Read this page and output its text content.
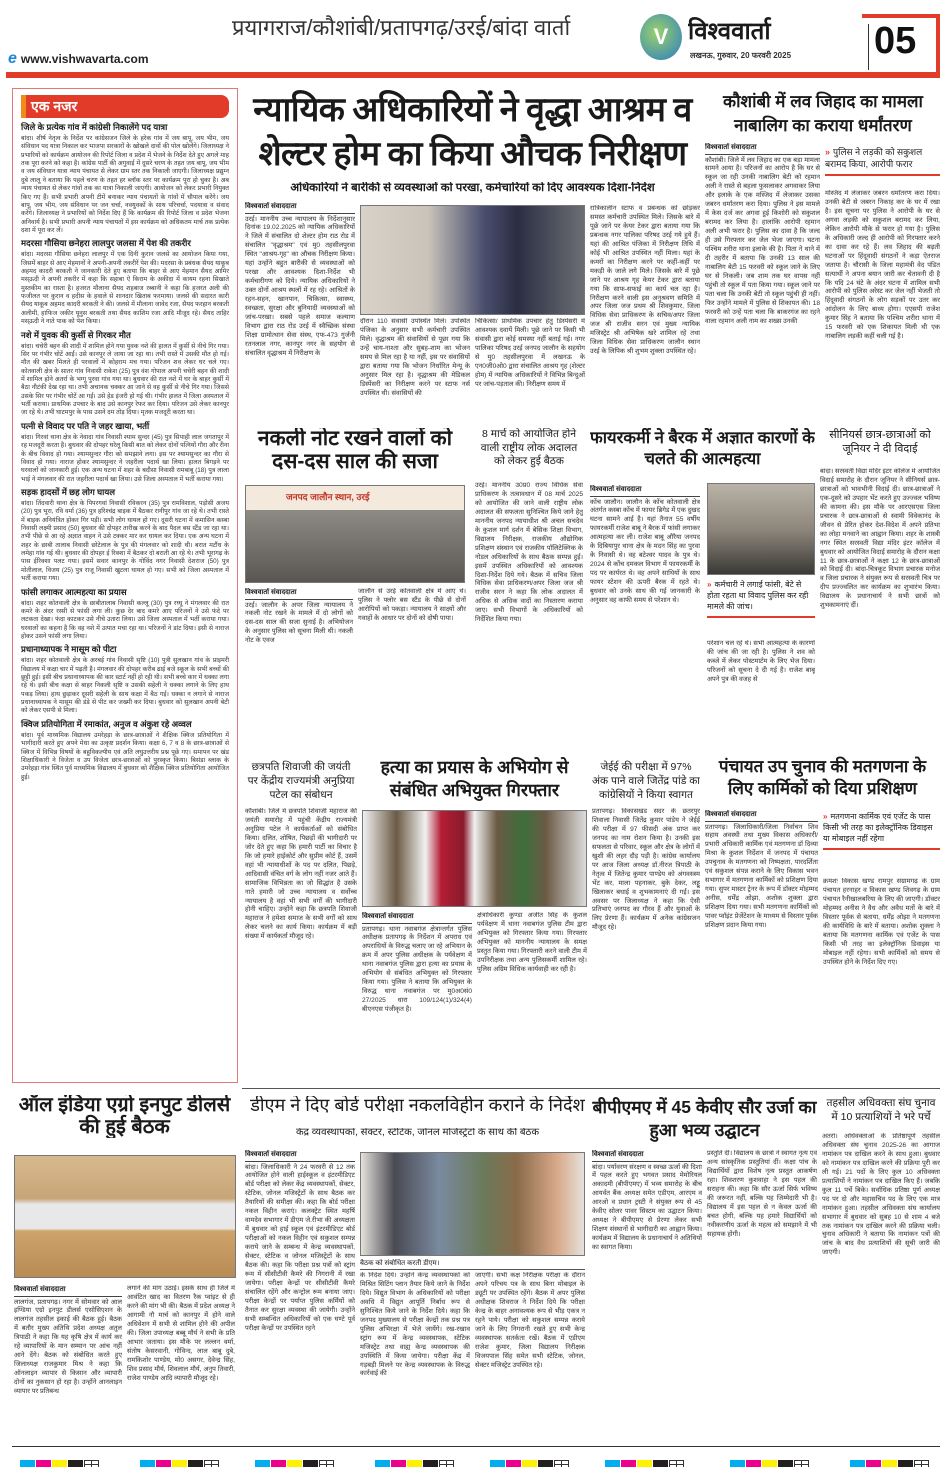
प्रयागराज/कौशांबी/प्रतापगढ़/उरई/बांदा वार्ता
e www.vishwavarta.com
V विश्ववार्ता
लखनऊ, गुरुवार, 20 फरवरी 2025	05
एक नजर
जिले के प्रत्येक गांव में कांग्रेसी निकालेंगे पद यात्रा
बांदा। शीर्ष नेतृत्व के निर्देश पर कांग्रेसजन जिले के हरेक गांव में जय बापू, जय भीम, जय संविधान पद यात्रा निकाल कर भाजपा सरकारों के खोखले दावों की पोल खोलेंगे। जिलाध्यक्ष ने प्रभारियों को कार्यक्रम आयोजन की रिपोर्ट जिला व प्रदेश में भेजने के निर्देश देते हुए अगले माह तक पूरा करने को कहा है। कांग्रेस पार्टी की अगुवाई में दूसरे चरण के तहत जय बापू, जय भीम व जय संविधान यात्रा न्याय पंचायत से लेकर ग्राम स्तर तक निकाली जाएगी। जिलाध्यक्ष प्रद्युम्न दुबे लालू ने बताया कि पहले चरण के तहत हर ब्लॉक स्तर पर कार्यक्रम पूरा हो चुका है। अब न्याय पंचायत से लेकर गांवों तक का यात्रा निकाली जाएगी। आयोजन को लेकर प्रभारी नियुक्त किए गए हैं। सभी प्रभारी अपनी टीमें बनाकर न्याय पंचायतों के गांवों में चौपाल करेंगे। जय बापू, जय भीम, जय संविधान पर जन चर्चा, नवयुवकों के साथ परिचर्चा, पदयात्रा व संवाद करेंगे। जिलाध्यक्ष ने प्रभारियों को निर्देश दिए हैं कि कार्यक्रम की रिपोर्ट जिला व प्रदेश भेजना अनिवार्य है। सभी प्रभारी अपनी न्याय पंचायतों में इस कार्यक्रम को अधिकतम मार्च तक प्रत्येक दशा में पूरा कर लें।
मदरसा गौसिया छनेहरा लालपुर जलसा में पेश की तकरीर
बांदा। मदरसा गौसिया छनेहरा लालपुर में एक दिनी कुरान जलसे का आयोजन किया गया, जिसमें बाहर से आए मेहमानों ने अपनी-अपनी तकरीरें पेश की। मदरसा के प्रबंधक सैयद याकूब अहमद कादरी बरकती ने जानकारी देते हुए बताया कि बाहर से आए मेहमान सैयद आमिर मस्ऊदी ने अपनी तकरीर में कहा कि सहाबा ऐ किराम के अकीदा में कायम रहना सिखाते मुस्तकीम का रास्ता है। हजरत मौलाना सैयद शहबाज रब्बानी ने कहा कि हजरत अली की फजीलत पर कुरान व हदीस के हवाले से शानदार खिताब फरमाया। जलसे की सदारत कारी सैयद याकूब अहमद कादरी बरकती ने की। जलसे में मौलाना जावेद रजा, सैयद फरहान बरकती अलीमी, हाफिज जकीर यूनुस बरकती तथा सैयद काशिम रजा आदि मौजूद रहे। सैयद ताहिर मस्ऊदी ने नाते पाक को पेश किया।
नशे में युवक की कुर्सी से गिरकर मौत
बांदा। चचेरी बहन की शादी में शामिल होने गया युवक नशे की हालत में कुर्सी से नीचे गिर गया। सिर पर गंभीर चोटें आईं। उसे कानपुर ले जाया जा रहा था। तभी रास्ते में उसकी मौत हो गई। मौत की खबर मिलते ही परवालों में कोहराम मच गया। परिजन शव लेकर घर चले गए। कोतवाली क्षेत्र के सातर गांव निवासी राकेश (25) पुत्र वंश गोपाल अपनी चचेरी बहन की शादी में शामिल होने अतर्रा के भग्गू पुरवा गांव गया था। बुधवार की रात नशे में घर के बाहर कुर्सी में बैठा नौटंकी देख रहा था। तभी अचानक चक्कर आ जाने से वह कुर्सी से नीचे गिर गया। जिससे उसके सिर पर गंभीर चोटें आ गईं। उसे हेड इंजरी हो गई थी। गंभीर हालत में जिला अस्पताल में भर्ती कराया। प्राथमिक उपचार के बाद उसे कानपुर रेफर कर दिया। परिजन उसे लेकर कानपुर जा रहे थे। तभी घाटमपुर के पास उसने दम तोड़ दिया। मृतक मजदूरी करता था।
पत्नी से विवाद पर पति ने जहर खाया, भर्ती
बांदा। गिरवां थाना क्षेत्र के नेवादा गांव निवासी श्याम सुन्दर (45) पुत्र सिपाही लाल जगतापुर में रह मजदूरी करता है। बुधवार की दोपहर घरेलू किसी बात को लेकर दोनों पत्नियों गौरा और रीना के बीच विवाद हो गया। श्यामसुन्दर गौरा को समझाने लगा। इस पर श्यामसुन्दर का गौरा से विवाद हो गया। नाराज होकर श्यामसुन्दर ने जहरीला पदार्थ खा लिया। हालत बिगड़ने पर घरवालों को जानकारी हुई। एक अन्य घटना में शहर के बदौसा निवासी रामबाबू (18) पुत्र लाला भाई ने मंगलवार की रात जहरीला पदार्थ खा लिया। उसे जिला अस्पताल में भर्ती कराया गया।
सड़क हादसों में छह लोग घायल
बांदा। तिंदवारी थाना क्षेत्र के पिपरगवां निवासी रविकरन (35) पुत्र रामविशाल, पड़ोसी अजय (20) पुत्र भूरा, रवि वर्मा (36) पुत्र हरिश्चंद्र बाइक में बैठकर रानीपुर गांव जा रहे थे। तभी रास्ते में बाइक अनियंत्रित होकर गिर पड़ी। सभी लोग घायल हो गए। दूसरी घटना में कमासिन कस्बा निवासी लक्ष्मी प्रसाद (50) बुधवार की दोपहर तारीख करने के बाद पैदल बस स्टैंड जा रहा था। तभी पीछे से आ रहे अज्ञात वाहन ने उसे टक्कर मार कर घायल कर दिया। एक अन्य घटना में शहर के छाबी तालाब निवासी छोटेलाल के पुत्र की मंगलवार को शादी थी। बरात मटौंध के लमेहा गांव गई थी। बुधवार की दोपहर ई रिक्शा में बैठकर दो बराती आ रहे थे। तभी भूरागढ़ के पास ईरिक्शा पलट गया। इसमें सवार कानपुर के गोविंद नगर निवासी देशराज (50) पुत्र मोतीलाल, विजय (25) पुत्र राजू निवासी खुटला घायल हो गए। सभी को जिला अस्पताल में भर्ती कराया गया।
फांसी लगाकर आत्महत्या का प्रयास
बांदा। शहर कोतवाली क्षेत्र के छाबीतालाब निवासी कल्लू (30) पुत्र रघ्घू ने मंगलवार की रात कमरे के अंदर रस्सी से फांसी लगा ली। कुछ देर बाद कमरे आए परिजनों ने उसे फंदे पर लटकता देखा। फंदा काटकर उसे नीचे उतारा लिया। उसे जिला अस्पताल में भर्ती कराया गया। घरवालों का कहना है कि वह नशे में उत्पात मचा रहा था। परिजनों ने डांट दिया। इसी से नाराज होकर उसने फांसी लगा लिया।
प्रधानाध्यापक ने मासूम को पीटा
बांदा। शहर कोतवाली क्षेत्र के अरबई गांव निवासी सृष्टि (10) पुत्री सुलखान गांव के प्राइमरी विद्यालय में कक्षा चार में पढ़ती है। मंगलवार की दोपहर करीब ढाई बजे स्कूल के सभी बच्चों की छुट्टी हुई। इसी बीच प्रधानाध्यापक की कार स्टार्ट नहीं हो रही थी। सभी बच्चे कार में धक्का लगा रहे थे। इसी बीच कक्षा से बाहर निकली सृष्टि व उसकी सहेली ने धक्का लगाने के लिए हाथ पकड़ लिया। हाथ छुड़ाकर दूसरी सहेली के साथ कक्षा में बैठ गई। धक्का न लगाने से नाराज प्रधानाध्यापक ने मासूम की डंडे से पीट कर जख्मी कर दिया। बुधवार को सुलखान अपनी बेटी को लेकर एसपी से मिला।
क्विज प्रतियोगिता में रमाकांत, अनुज व अंकुश रहे अव्वल
बांदा। पूर्व माध्यमिक विद्यालय उमरेहड़ा के छात्र-छात्राओं ने शैक्षिक क्विज प्रतियोगिता में भागीदारी करते हुए अपने मेधा का उत्कृष्ट प्रदर्शन किया। कक्षा 6, 7 व 8 के छात्र-छात्राओं से क्विज में विभिन्न विषयों के बहुविकल्पीय एवं अति लघुउत्तरीय प्रश्न पूछे गए। समापन पर खंड शिक्षाधिकारी ने विजेता व उप विजेता छात्र-छात्राओं को पुरस्कृत किया। बिसंडा ब्लाक के उमरेहड़ा गांव स्थित पूर्व माध्यमिक विद्यालय में बुधवार को शैक्षिक क्विज प्रतियोगिता आयोजित हुई।
न्यायिक अधिकारियों ने वृद्धा आश्रम व शेल्टर होम का किया औचक निरीक्षण
अधिकारियों ने बारीकी से व्यवस्थाओं को परखा, कर्मचारियों को दिए आवश्यक दिशा-निर्देश
विश्ववार्ता संवाददाता
उरई। माननीय उच्च न्यायालय के निर्देशानुसार दिनांक 19.02.2025 को न्यायिक अधिकारियों ने जिले में संचालित दो शेल्टर होम राठ रोड में संचालित ''वृद्धाश्रम'' एवं मु0 तहसीलपुरवा स्थित ''आश्रय-गृह'' का औचक निरीक्षण किया। यहां उन्होंने बहुत बारीकी से व्यवस्थाओं को परखा और आवश्यक दिशा-निर्देश भी कर्मचारीगण को दिये। न्यायिक अधिकारियों ने उक्त दोनों आश्रय स्थलों में रह रहे। आश्रितों के रहन-सहन, खानपान, चिकित्सा, स्वास्थ्य, स्वच्छता, सुरक्षा और बुनियादी व्यवस्थाओं को जांच-परखा। सबसे पहले समाज कल्याण विभाग द्वारा राठ रोड उरई में स्वैच्छिक संस्था शिक्षा ग्रामोत्थान सेवा संस्थ, एफ-473 गुर्जनी रतनलाल नगर, कानपुर नगर के सहयोग से संचालित वृद्धाश्रम में निरीक्षण के
दौरान 110 संवासी उपस्थित मिले। उपस्थित पंजिका के अनुसार सभी कर्मचारी उपस्थित मिले। वृद्धाश्रम की संवासियों से पूछा गया कि उन्हें चाय-नाश्ता और सुबह-शाम का भोजन समय से मिल रहा है या नहीं, इस पर संवासियों द्वारा बताया गया कि भोजन निर्धारित मेन्यू के अनुसार मिल रहा है। वृद्धाश्रम की मेडिकल डिस्पेंसरी का निरीक्षण करने पर स्टाफ नर्स उपस्थित थी। संवासियों की
चिकित्सा/ प्राथमिक उपचार हेतु डिस्पेंसरी में आवश्यक दवायें मिली। पूछे जाने पर किसी भी संवासी द्वारा कोई समस्या नहीं बताई गई। नगर पालिका परिषद उरई जनपद जालौन के सहयोग से मु0 तहसीलपुरवा में लखनऊ के एन0जी0ओ0 द्वारा संचालित आश्रय गृह (शेल्टर होम) में न्यायिक अधिकारियों ने विभिन्न बिन्दुओं पर जांच-पड़ताल की। निरीक्षण समय में
रात्रिकालीन स्टाफ व प्रबन्धक को छोड़कर समस्त कर्मचारी उपस्थित मिले। जिसके बारे में पूछे जाने पर केयर टेकर द्वारा बताया गया कि प्रबन्धक नगर पालिका परिषद उरई गये हुये हैं। यहां की आश्रित पंजिका में निरीक्षण तिथि में कोई भी आश्रित उपस्थित नहीं मिला। यहां के कमरों का निरीक्षण करने पर कहीं-कहीं पर मकड़ी के जाले लगे मिले। जिसके बारे में पूछे जाने पर आश्रय गृह केयर टेकर द्वारा बताया गया कि साफ-सफाई का कार्य चल रहा है। निरीक्षण करने वाली इस अनुश्रवण समिति में अपर जिला जज प्रथम श्री शिवकुमार, जिला विधिक सेवा प्राधिकरण के सचिव/अपर जिला जज श्री राजीव सरन एवं मुख्य न्यायिक मजिस्ट्रेट श्री अभिषेक खरे शामिल रहे तथा जिला विधिक सेवा प्राधिकरण जालौन स्थान उरई के लिपिक श्री शुभम शुक्ला उपस्थित रहे।
कौशांबी में लव जिहाद का मामला नाबालिग का कराया धर्मांतरण
विश्ववार्ता संवाददाता
कौशांबी। जिले में लव जिहाद का एक बड़ा मामला सामने आया है। परिजनों का आरोप है कि घर से स्कूल जा रही उनकी नाबालिग बेटी को रहमान अली ने रास्ते से बहला फुसलाकर अगवाकर लिया और इलाके के एक मस्जिद में लेजाकर उसका जबरन धर्मांतरण करा दिया। पुलिस ने इस मामले में केस दर्ज कर अगवा हुई किशोरी को सकुशल बरामद कर लिया है। हालांकि आरोपी रहमान अली अभी फरार है। पुलिस का दावा है कि जल्द ही उसे गिरफ्तार कर जेल भेजा जाएगा। घटना पश्चिम शरीरा थाना इलाके की है। पिता ने थाने में दी तहरीर में बताया कि उनकी 13 साल की नाबालिग बेटी 15 फरवरी को स्कूल जाने के लिए घर से निकली। जब शाम तक घर वापस नहीं पहुंची तो स्कूल में पता किया गया। स्कूल जाने पर पता चला कि उनकी बेटी तो स्कूल पहुंची ही नहीं। फिर उन्होंने मामले में पुलिस से शिकायत की। 18 फरवरी को उन्हें पता चला कि बाकरगंज का रहने वाला रहमान अली नाम का शख्स उनकी
» पुलिस ने लड़की को सकुशल बरामद किया, आरोपी फरार
मस्जिद में लेजाकर जबरन धर्मांतरण करा दिया। उनकी बेटी से जबरन निकाह कर के घर में रखा है। इस सूचना पर पुलिस ने आरोपी के घर से अगवा लड़की को सकुशल बरामद कर लिया, लेकिन आरोपी मौके से फरार हो गया है। पुलिस के अधिकारी जल्द ही आरोपी को गिरफ्तार करने का दावा कर रहे हैं। लव जिहाद की बढ़ती घटनाओं पर हिंदूवादी संगठनों ने कड़ा ऐतराज जताया है। चौरासी के जिला महामंत्री वेद पंडित सत्यार्थी ने अपना बयान जारी कर चेतावनी दी है कि यदि 24 घंटे के अंदर घटना में शामिल सभी आरोपी को पुलिस अरेस्ट कर जेल नहीं भेजती तो हिंदूवादी संगठनों के लोग सड़कों पर उतर कर आंदोलन के लिए बाध्य होगा। एएसपी राजेश कुमार सिंह ने बताया कि पश्चिम शरीरा थाना में 15 फरवरी को एक शिकायत मिली थी एक नाबालिग लड़की कहीं चली गई है।
नकली नोट रखने वालों को दस-दस साल की सजा
जनपद जालौन स्थान, उरई
विश्ववार्ता संवाददाता
उरई। जालौन के अपर जिला न्यायालय ने नकली नोट रखने के मामले में दो लोगों को दस-दस साल की सजा सुनाई है। अभियोजन के अनुसार पुलिस को सूचना मिली थी। नकली नोट के एवज
जालौन से उरई कोतवाली क्षेत्र में आए थे। पुलिस ने फ्लोर बस स्टैंड के पीछे से दोनों आरोपियों को पकड़ा। न्यायालय ने साक्ष्यों और गवाहों के आधार पर दोनों को दोषी पाया।
8 मार्च को आयोजित होने वाली राष्ट्रीय लोक अदालत को लेकर हुई बैठक
उरई। माननीय उ0प्र0 राज्य विधिक सेवा प्राधिकरण के तत्वावधान में 08 मार्च 2025 को आयोजित की जाने वाली राष्ट्रीय लोक अदालत की सफलता सुनिश्चित किये जाने हेतु माननीय जनपद न्यायाधीश श्री अचल सचदेव के कुशल मार्ग दर्शन में बेसिक शिक्षा विभाग, विद्यालय निरीक्षक, राजकीय औद्योगिक प्रशिक्षण संस्थान एवं राजकीय पॉलिटेक्निक के नोडल अधिकारियों के साथ बैठक सम्पन्न हुई। इसमें उपस्थित अधिकारियों को आवश्यक दिशा-निर्देश दिये गये। बैठक में सचिव जिला विधिक सेवा प्राधिकरण/अपर जिला जज श्री राजीव सरन ने कहा कि लोक अदालत में अधिक से अधिक वादों का निस्तारण कराया जाए। सभी विभागों के अधिकारियों को निर्देशित किया गया।
फायरकर्मी ने बैरक में अज्ञात कारणों के चलते की आत्महत्या
विश्ववार्ता संवाददाता
कोंच जालौन। जालौन के कोंच कोतवाली क्षेत्र अंतर्गत कस्बा कोंच में फायर ब्रिगेड में एक दुखद घटना सामने आई है। यहां तैनात 55 वर्षीय फायरकर्मी राजेश बाबू ने बैरक में फांसी लगाकर आत्महत्या कर ली। राजेश बाबू औरैया जनपद के दिबियापुर थाना क्षेत्र के मदन सिंह का पुरवा के निवासी थे। वह बटेश्वर यादव के पुत्र थे। 2024 से कोंच दमकल विभाग में फायरकर्मी के पद पर कार्यरत थे। वह अपने साथियों के साथ फायर स्टेशन की ऊपरी बैरक में रहते थे। बुधवार को उनके साथ की गई जानकारी के अनुसार वह काफी समय से परेशान थे।
» कर्मचारी ने लगाई फांसी, बेटे से होता रहता था विवाद पुलिस कर रही मामले की जांच।
परेशान चल रहे थे। सभी आत्महत्या के कारणों की जांच की जा रही है। पुलिस ने शव को कब्जे में लेकर पोस्टमार्टम के लिए भेज दिया। परिजनों को सूचना दे दी गई है। राजेश बाबू अपने पुत्र की वजह से
सीनियर्स छात्र-छात्राओं को जूनियर ने दी विदाई
बांदा। सरस्वती विद्या मंदिर इंटर कॉलेज में आयोजित विदाई समारोह के दौरान जूनियर ने सीनियर्स छात्र-छात्राओं को भावभीनी विदाई दी। छात्र-छात्राओं ने एक-दूसरे को उपहार भेंट करते हुए उज्ज्वल भविष्य की कामना की। इस मौके पर आरएसएस जिला प्रचारक ने छात्र-छात्राओं से स्वामी विवेकानंद के जीवन से प्रेरित होकर देश-विदेश में अपने प्रतिभा का लोहा मनवाने का आह्वान किया। शहर के शास्त्री नगर स्थित सरस्वती विद्या मंदिर इंटर कॉलेज में बुधवार को आयोजित विदाई समारोह के दौरान कक्षा 11 के छात्र-छात्राओं ने कक्षा 12 के छात्र-छात्राओं को विदाई दी। बांदा-चित्रकूट विभाग प्रचारक मनोज व जिला प्रचारक ने संयुक्त रूप से सरस्वती चित्र पर दीप प्रज्ज्वलित कर कार्यक्रम का शुभारंभ किया। विद्यालय के प्रधानाचार्य ने सभी छात्रों को शुभकामनाएं दीं।
छत्रपति शिवाजी की जयंती पर केंद्रीय राज्यमंत्री अनुप्रिया पटेल का संबोधन
कौशांबी। जिले में छत्रपति शिवाजी महाराज की जयंती समारोह में पहुंची केंद्रीय राज्यमंत्री अनुप्रिया पटेल ने कार्यकर्ताओं को संबोधित किया। दलित, शोषित, पिछड़ों की भागीदारी पर जोर देते हुए कहा कि हमारी पार्टी का विचार है कि जो हमारे हाईकोर्ट और सुप्रीम कोर्ट हैं, उसमें वहां भी न्यायाधीशों के पद पर दलित, पिछड़े, आदिवासी वंचित वर्ग के लोग नहीं नजर आते हैं। सामाजिक विभिन्नता का जो सिद्धांत है उसके नाते हमारी जो उच्च न्यायालय व सर्वोच्च न्यायालय है वहां भी सभी वर्गों की भागीदारी होनी चाहिए। उन्होंने कहा कि छत्रपति शिवाजी महाराज ने हमेशा समाज के सभी वर्गों को साथ लेकर चलने का कार्य किया। कार्यक्रम में बड़ी संख्या में कार्यकर्ता मौजूद रहे।
हत्या का प्रयास के अभियोग से संबंधित अभियुक्त गिरफ्तार
विश्ववार्ता संवाददाता
प्रतापगढ़। थाना नवाबगंज क्षेत्रान्तर्गत पुलिस अधीक्षक प्रतापगढ़ के निर्देशन में अपराध एवं अपराधियों के विरुद्ध चलाए जा रहे अभियान के क्रम में अपर पुलिस अधीक्षक के पर्यवेक्षण में थाना नवाबगंज पुलिस द्वारा हत्या का प्रयास के अभियोग से संबंधित अभियुक्त को गिरफ्तार किया गया। पुलिस ने बताया कि अभियुक्त के विरुद्ध थाना नवाबगंज पर मु0अ0सं0 27/2025 धारा 109/124(1)/324(4) बीएनएस पंजीकृत है।
क्षेत्राधिकारी कुण्डा अजीत सिंह के कुशल पर्यवेक्षण में थाना नवाबगंज पुलिस टीम द्वारा अभियुक्त को गिरफ्तार किया गया। गिरफ्तार अभियुक्त को माननीय न्यायालय के समक्ष प्रस्तुत किया गया। गिरफ्तारी करने वाली टीम में उपनिरीक्षक तथा अन्य पुलिसकर्मी शामिल रहे। पुलिस अग्रिम विधिक कार्यवाही कर रही है।
जेईई की परीक्षा में 97% अंक पाने वाले जितेंद्र पांडे का कांग्रेसियों ने किया स्वागत
प्रतापगढ़। विकासखंड सदर के छतरपुर शिवाला निवासी जितेंद्र कुमार पांडेय ने जेईई की परीक्षा में 97 फीसदी अंक प्राप्त कर जनपद का नाम रोशन किया है। उनकी इस सफलता से परिवार, स्कूल और क्षेत्र के लोगों में खुशी की लहर दौड़ पड़ी है। कांग्रेस कार्यालय पर आज जिला अध्यक्ष डॉ.नीरज त्रिपाठी के नेतृत्व में जितेन्द्र कुमार पाण्डेय को अंगवस्त्रम भेंट कर, माला पहनाकर, बुके देकर, लड्डू खिलाकर बधाई व शुभकामनाएं दी गईं। इस अवसर पर जिलाध्यक्ष ने कहा कि ऐसी प्रतिभाएं जनपद का गौरव हैं और युवाओं के लिए प्रेरणा हैं। कार्यक्रम में अनेक कांग्रेसजन मौजूद रहे।
पंचायत उप चुनाव की मतगणना के लिए कार्मिकों को दिया प्रशिक्षण
विश्ववार्ता संवाददाता
प्रतापगढ़। जिलाधिकारी/जिला निर्वाचन शिव सहाय अवस्थी तथा मुख्य विकास अधिकारी/प्रभारी अधिकारी कार्मिक एवं मतगणना डॉ दिव्या मिश्रा के कुशल निर्देशन में जनपद में पंचायत उपचुनाव के मतगणना को निष्पक्षता, पारदर्शिता एवं सकुशल संपन्न कराने के लिए विकास भवन सभागार में मतगणना कार्मिकों को प्रशिक्षण दिया गया। सुपर मास्टर ट्रेनर के रूप में डॉक्टर मोहम्मद अनीस, धर्मेंद्र ओझा, अशोक शुक्ला द्वारा प्रशिक्षण दिया गया। सभी मतगणना कार्मिकों को पावर प्वॉइंट प्रेजेंटेशन के माध्यम से विस्तार पूर्वक प्रशिक्षण प्रदान किया गया।
» मतगणना कार्मिक एवं एजेंट के पास किसी भी तरह का इलेक्ट्रॉनिक डिवाइस या मोबाइल नहीं रहेगा
क्रमशः विकास खण्ड रामपुर संग्रामगढ़ के ग्राम पंचायत हरनाहर व विकास खण्ड शिवगढ़ के ग्राम पंचायत रैनीखालबरिया के लिए की जाएगी। डॉक्टर मोहम्मद अनीस ने वैध और अवैध मतों के बारे में विस्तार पूर्वक से बताया, धर्मेंद्र ओझा ने मतगणना की कार्यविधि के बारे में बताया। अशोक शुक्ला ने बताया कि मतगणना कार्मिक एवं एजेंट के पास किसी भी तरह का इलेक्ट्रॉनिक डिवाइस या मोबाइल नहीं रहेगा। सभी कार्मिकों को समय से उपस्थित होने के निर्देश दिए गए।
ऑल इंडिया एग्रो इनपुट डीलर्स की हुई बैठक
विश्ववार्ता संवाददाता
लालगंज, प्रतापगढ़। नगर में सोमवार को आल इण्डिया एग्रो इनपुट डीलर्स एसोसिएशन के लालगंज तहसील इकाई की बैठक हुई। बैठक में बतौर मुख्य अतिथि प्रदेश अध्यक्ष अतुल त्रिपाठी ने कहा कि यह कृषि क्षेत्र में कार्य कर रहे व्यापारियों के मान सम्मान पर आंच नहीं आने देंगे। बैठक को संबोधित करते हुए जिलाध्यक्ष राजकुमार मिश्र ने कहा कि ऑनलाइन व्यापार से किसान और व्यापारी दोनों का नुकसान हो रहा है। उन्होंने आनलाइन व्यापार पर प्रतिबन्ध
लगाने की मांग उठाई। इसके साथ ही जिले में आवंटित खाद का वितरण रैक प्वांइट से ही करने की मांग भी की। बैठक में प्रदेश अध्यक्ष ने आगामी नौ मार्च को कानपुर में होने वाले अधिवेशन में सभी से शामिल होने की अपील की। जिला उपाध्यक्ष बब्बू मौर्य ने सभी के प्रति आभार जताया। इस मौके पर लल्लन वर्मा, संतोष केसरवानी, गोविन्द, लाल बाबू दुबे, रामकिशोर पाण्डेय, मो0 असगर, देवेन्द्र सिंह, शिव प्रसाद मौर्य, शिवलाल मौर्य, अनुप तिवारी, राजेश पाण्डेय आदि व्यापारी मौजूद रहे।
डीएम ने दिए बोर्ड परीक्षा नकलविहीन कराने के निर्देश
केंद्र व्यवस्थापकों, सेक्टर, स्टेटिक, जोनल मजिस्ट्रेटों के साथ की बैठक
विश्ववार्ता संवाददाता
बांदा। जिलाधिकारी ने 24 फरवरी से 12 तक आयोजित होने वाली हाईस्कूल व इंटरमीडिएट बोर्ड परीक्षा को लेकर केंद्र व्यवस्थापकों, सेक्टर, स्टेटिक, जोनल मजिस्ट्रेटों के साथ बैठक कर तैयारियों की समीक्षा की। कहा कि बोर्ड परीक्षा नकल विहीन कराएं। कलक्ट्रेट स्थित महर्षि वामदेव सभागार में डीएम जे.रीभा की अध्यक्षता में बुधवार को हाई स्कूल एवं इंटरमीडिएट बोर्ड परीक्षाओं को नकल विहीन एवं सकुशल सम्पन्न कराये जाने के सम्बन्ध में केन्द्र व्यवस्थापकों, सेक्टर, स्टेटिक व जोनल मजिस्ट्रेटों के साथ बैठक की। कहा कि परीक्षा प्रश्न पत्रों को स्ट्रांग रूम में सीसीटीवी कैमरे की निगरानी में रखा जायेगा। परीक्षा केन्द्रों पर सीसीटीवी कैमरे संचालित रहेंगे और कन्ट्रोल रूम बनाया जाए। परीक्षा केन्द्रों पर पर्याप्त पुलिस कर्मियों को तैनात कर सुरक्षा व्यवस्था की जायेगी। उन्होंने सभी सम्बन्धित अधिकारियों को एक घण्टे पूर्व परीक्षा केन्द्रों पर उपस्थित रहने
बैठक को संबोधित करती डीएम।
के निर्देश दिये। उन्होंने केन्द्र व्यवस्थापकों को मिश्रित सिटिंग प्लान तैयार किये जाने के निर्देश दिये। विद्युत विभाग के अधिकारियों को परीक्षा अवधि में विद्युत आपूर्ति निर्बाध रूप से सुनिश्चित किये जाने के निर्देश दिये। कहा कि जनपद मुख्यालय से परीक्षा केन्द्रों तक प्रश्न पत्र पुलिस अभिरक्षा में भेजे जायेंगे। रख-रखाव स्ट्रांग रूम में केन्द्र व्यवस्थापक, स्टेटिक मजिस्ट्रेट तथा वाह्य केन्द्र व्यवस्थापक की उपस्थिति में किया जायेगा। परीक्षा केंद्र में गड़बड़ी मिलने पर केन्द्र व्यवस्थापक के विरुद्ध कार्रवाई की
जाएगी। सभी कक्ष निरीक्षक परीक्षा के दौरान अपने परिचय पत्र के साथ बिना मोबाइल के ड्यूटी पर उपस्थित रहेंगे। बैठक में अपर पुलिस अधीक्षक शिवराज ने निर्देश दिये कि परीक्षा केन्द्र के बाहर अनावश्यक रूप से भीड़ एकत्र न रहने पाये। परीक्षा को सकुशल सम्पन्न कराये जाने के लिए निगरानी रखते हुए सभी केन्द्र व्यवस्थापक सतर्कता रखें। बैठक में एडीएम राजेश कुमार, जिला विद्यालय निरीक्षक विजयपाल सिंह समेत सभी स्टेटिक, जोनल, सेक्टर मजिस्ट्रेट उपस्थित रहे।
बीपीएमए में 45 केवीए सौर उर्जा का हुआ भव्य उद्घाटन
विश्ववार्ता संवाददाता
बांदा। पर्यावरण संरक्षण व स्वच्छ ऊर्जा की दिशा में पहल करते हुए भगवत प्रसाद मेमोरियल अकादमी (बीपीएमए) में भव्य समारोह के बीच आयर्वत बैंक अध्यक्ष समेत एडीएम, आरएम व आरओ व प्रधान ट्रस्टी ने संयुक्त रूप से 45 केवीए सोलर पावर सिस्टम का उद्घाटन किया। अध्यक्ष ने बीपीएमए से प्रेरणा लेकर सभी शिक्षण संस्थानों से भागीदारी का आह्वान किया। कार्यक्रम में विद्यालय के प्रधानाचार्य ने अतिथियों का स्वागत किया।
प्रस्तुति दी। विद्यालय के छात्रों ने स्वागत नृत्य एवं अन्य सांस्कृतिक प्रस्तुतियां दीं। कक्षा पांच के विद्यार्थियों द्वारा विशेष नृत्य प्रस्तुत आकर्षण रहा। शिवशरण कुशवाहा ने इस पहल की सराहना की। कहा कि सौर ऊर्जा सिर्फ भविष्य की जरूरत नहीं, बल्कि यह जिम्मेदारी भी है। विद्यालय में इस पहल से न केवल ऊर्जा की बचत होगी, बल्कि यह हमारे विद्यार्थियों को नवीकरणीय ऊर्जा के महत्व को समझाने में भी सहायक होगी।
तहसील अधिवक्ता संघ चुनाव में 10 प्रत्याशियों ने भरे पर्चे
अतर्रा। अधिवक्ताओं के प्रतिष्ठापूर्ण तहसील अधिवक्ता संघ चुनाव 2025-26 का आगाज नामांकन पत्र दाखिल करने के साथ हुआ। बुधवार को नामांकन पत्र दाखिल करने की प्रक्रिया पूरी कर ली गई। 21 पदों के लिए कुल 10 अधिवक्ता प्रत्याशियों ने नामांकन पत्र दाखिल किए हैं। जबकि कुल 11 पर्चे बिके। सर्वाधिक प्रतिष्ठा पूर्ण अध्यक्ष पद पर दो और महासचिव पद के लिए एक मात्र नामांकन हुआ। तहसील अधिवक्ता संघ कार्यालय सभागार में बुधवार को सुबह 10 से शाम 4 बजे तक नामांकन पत्र दाखिल करने की प्रक्रिया चली। चुनाव अधिकारी ने बताया कि नामांकन पत्रों की जांच के बाद वैध प्रत्याशियों की सूची जारी की जाएगी।
